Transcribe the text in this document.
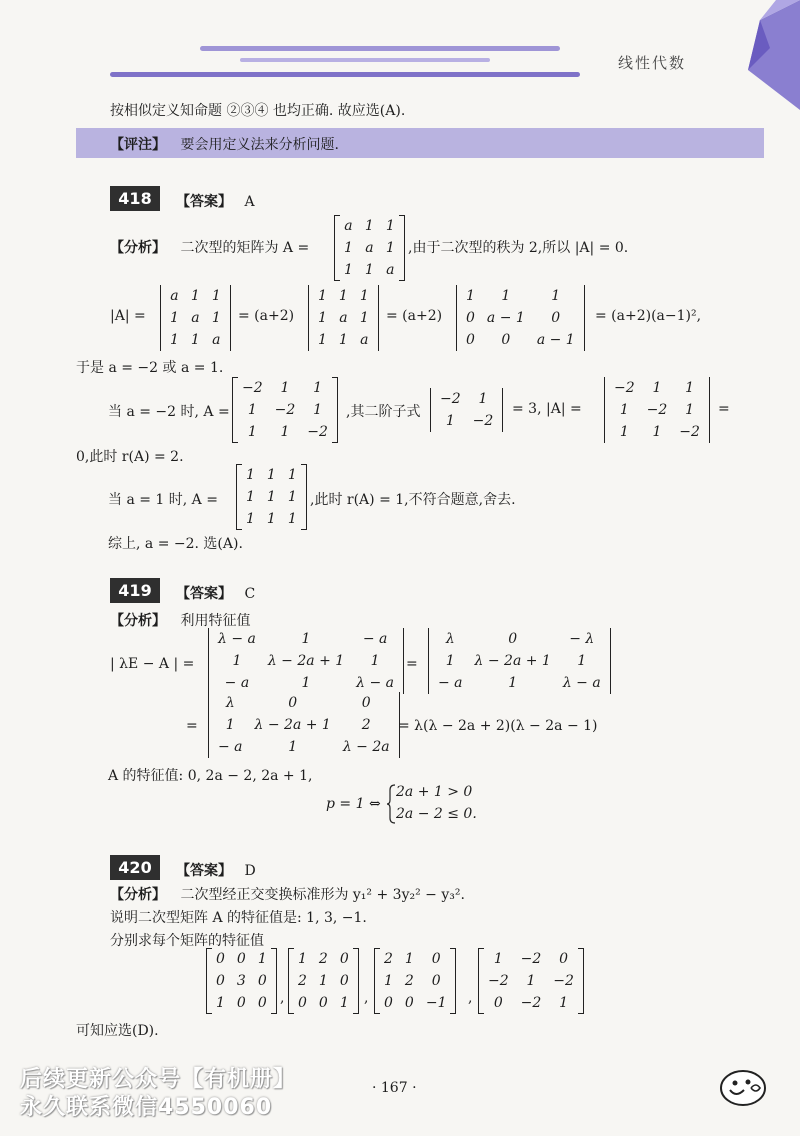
线性代数
按相似定义知命题 ②③④ 也均正确. 故应选(A).
【评注】 要会用定义法来分析问题.
418	【答案】 A
【分析】 二次型的矩阵为 A =
a	1	1
1	a	1
1	1	a
,由于二次型的秩为 2,所以 |A| = 0.
|A| =
a	1	1
1	a	1
1	1	a
= (a+2)
1	1	1
1	a	1
1	1	a
= (a+2)
1	1	1
0	a − 1	0
0	0	a − 1
= (a+2)(a−1)²,
于是 a = −2 或 a = 1.
当 a = −2 时, A =
−2	1	1
1	−2	1
1	1	−2
,其二阶子式
−2	1
1	−2
= 3, |A| =
−2	1	1
1	−2	1
1	1	−2
=
0,此时 r(A) = 2.
当 a = 1 时, A =
1	1	1
1	1	1
1	1	1
,此时 r(A) = 1,不符合题意,舍去.
综上, a = −2. 选(A).
419	【答案】 C
【分析】 利用特征值
| λE − A | =
λ − a	1	− a
1	λ − 2a + 1	1
− a	1	λ − a
=
λ	0	− λ
1	λ − 2a + 1	1
− a	1	λ − a
=
λ	0	0
1	λ − 2a + 1	2
− a	1	λ − 2a
= λ(λ − 2a + 2)(λ − 2a − 1)
A 的特征值: 0, 2a − 2, 2a + 1,
p = 1 ⇔
2a + 1 > 0
2a − 2 ≤ 0.
420	【答案】 D
【分析】 二次型经正交变换标准形为 y₁² + 3y₂² − y₃².
说明二次型矩阵 A 的特征值是: 1, 3, −1.
分别求每个矩阵的特征值
0	0	1
0	3	0
1	0	0 ,
1	2	0
2	1	0
0	0	1 ,
2	1	0
1	2	0
0	0	−1 ,
1	−2	0
−2	1	−2
0	−2	1
可知应选(D).
· 167 ·
后续更新公众号【有机册】
永久联系微信4550060
